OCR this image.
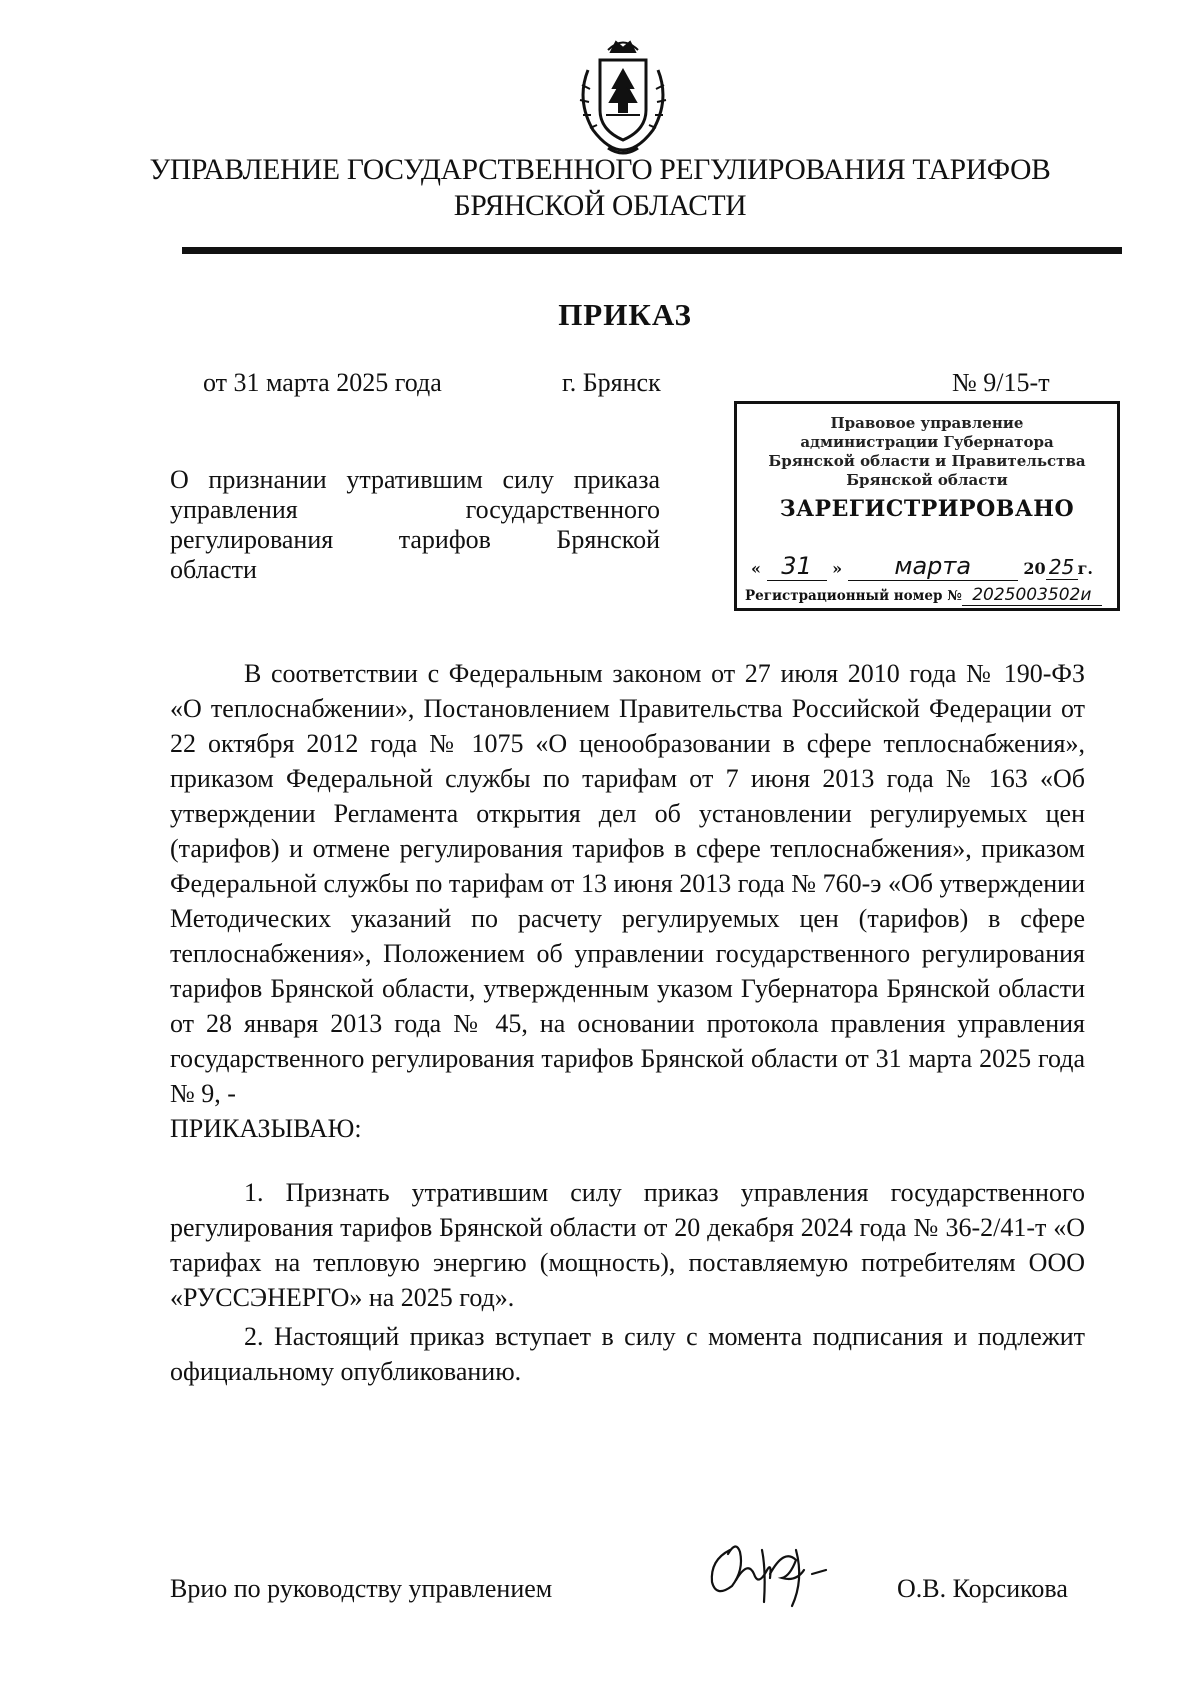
УПРАВЛЕНИЕ ГОСУДАРСТВЕННОГО РЕГУЛИРОВАНИЯ ТАРИФОВ
БРЯНСКОЙ ОБЛАСТИ
ПРИКАЗ
от 31 марта 2025 года	г. Брянск	№ 9/15-т
О признании утратившим силу приказа
управления государственного
регулирования тарифов Брянской
области
Правовое управление
администрации Губернатора
Брянской области и Правительства
Брянской области
ЗАРЕГИСТРИРОВАНО
« 31 » марта	20 25 г.
Регистрационный номер № 2025003502и

В соответствии с Федеральным законом от 27 июля 2010 года № 190-ФЗ «О теплоснабжении», Постановлением Правительства Российской Федерации от 22 октября 2012 года № 1075 «О ценообразовании в сфере теплоснабжения», приказом Федеральной службы по тарифам от 7 июня 2013 года № 163 «Об утверждении Регламента открытия дел об установлении регулируемых цен (тарифов) и отмене регулирования тарифов в сфере теплоснабжения», приказом Федеральной службы по тарифам от 13 июня 2013 года № 760-э «Об утверждении Методических указаний по расчету регулируемых цен (тарифов) в сфере теплоснабжения», Положением об управлении государственного регулирования тарифов Брянской области, утвержденным указом Губернатора Брянской области от 28 января 2013 года № 45, на основании протокола правления управления государственного регулирования тарифов Брянской области от 31 марта 2025 года № 9, -

ПРИКАЗЫВАЮ:

1. Признать утратившим силу приказ управления государственного регулирования тарифов Брянской области от 20 декабря 2024 года № 36-2/41-т «О тарифах на тепловую энергию (мощность), поставляемую потребителям ООО «РУССЭНЕРГО» на 2025 год».

2. Настоящий приказ вступает в силу с момента подписания и подлежит официальному опубликованию.

Врио по руководству управлением	О.В. Корсикова
